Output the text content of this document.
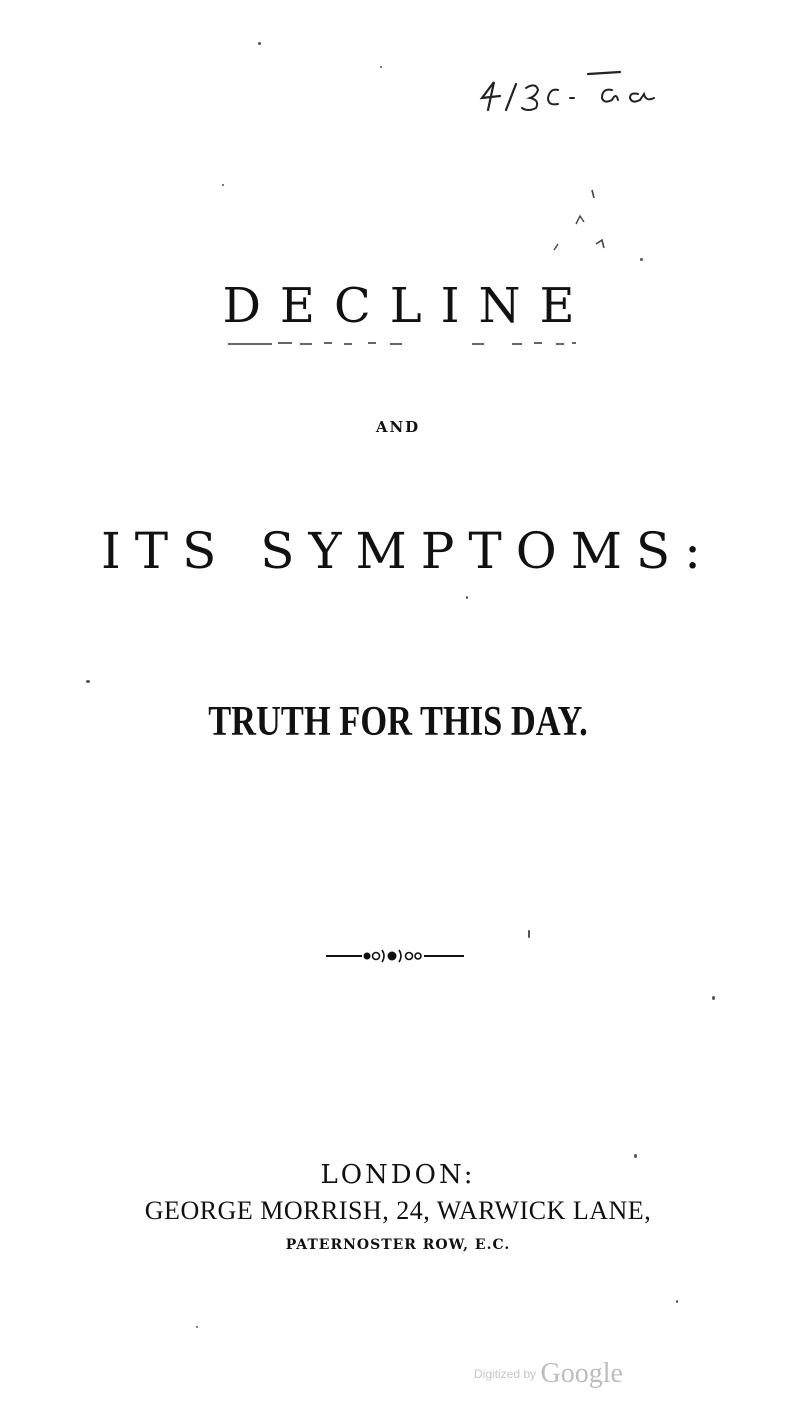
DECLINE
AND
ITS SYMPTOMS:
TRUTH FOR THIS DAY.
LONDON:
GEORGE MORRISH, 24, WARWICK LANE,
PATERNOSTER ROW, E.C.
Digitized by Google
